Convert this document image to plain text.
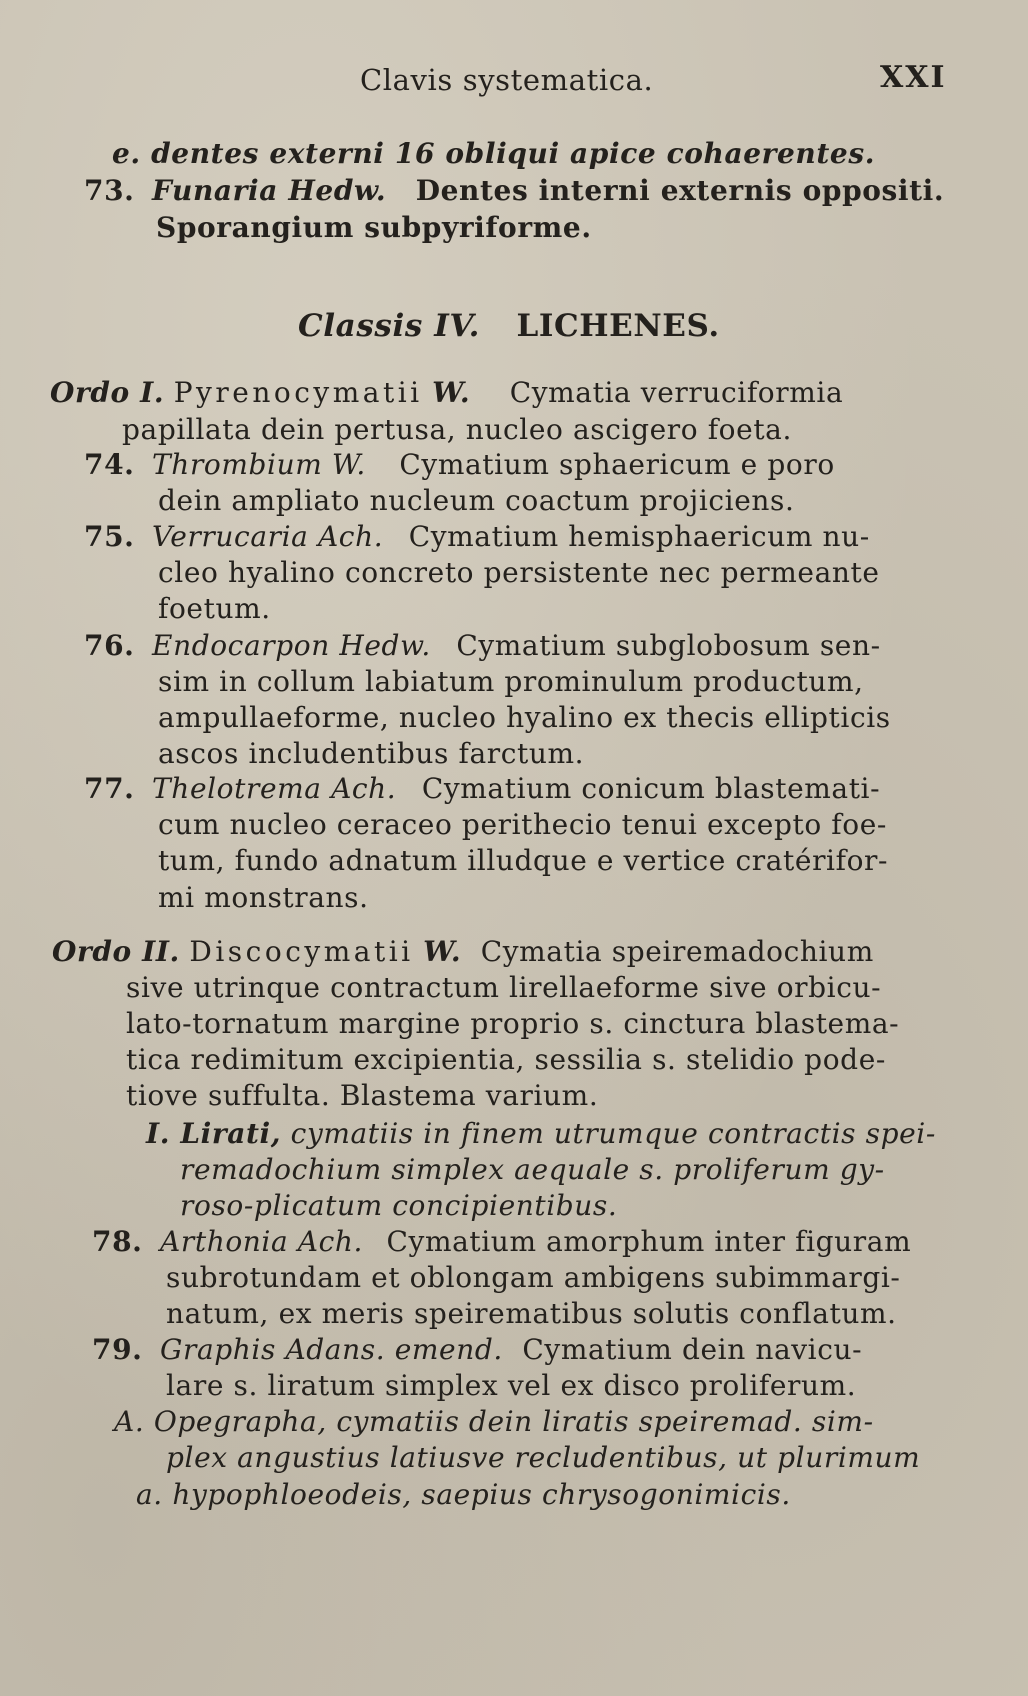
Clavis systematica.	XXI
e. dentes externi 16 obliqui apice cohaerentes.
73. Funaria Hedw. Dentes interni externis oppositi.
Sporangium subpyriforme.
Classis IV. LICHENES.
Ordo I. Pyrenocymatii W. Cymatia verruciformia
papillata dein pertusa, nucleo ascigero foeta.
74. Thrombium W. Cymatium sphaericum e poro
dein ampliato nucleum coactum projiciens.
75. Verrucaria Ach. Cymatium hemisphaericum nu-
cleo hyalino concreto persistente nec permeante
foetum.
76. Endocarpon Hedw. Cymatium subglobosum sen-
sim in collum labiatum prominulum productum,
ampullaeforme, nucleo hyalino ex thecis ellipticis
ascos includentibus farctum.
77. Thelotrema Ach. Cymatium conicum blastemati-
cum nucleo ceraceo perithecio tenui excepto foe-
tum, fundo adnatum illudque e vertice cratérifor-
mi monstrans.
Ordo II. Discocymatii W. Cymatia speiremadochium
sive utrinque contractum lirellaeforme sive orbicu-
lato-tornatum margine proprio s. cinctura blastema-
tica redimitum excipientia, sessilia s. stelidio pode-
tiove suffulta. Blastema varium.
I. Lirati, cymatiis in finem utrumque contractis spei-
remadochium simplex aequale s. proliferum gy-
roso-plicatum concipientibus.
78. Arthonia Ach. Cymatium amorphum inter figuram
subrotundam et oblongam ambigens subimmargi-
natum, ex meris speirematibus solutis conflatum.
79. Graphis Adans. emend. Cymatium dein navicu-
lare s. liratum simplex vel ex disco proliferum.
A. Opegrapha, cymatiis dein liratis speiremad. sim-
plex angustius latiusve recludentibus, ut plurimum
a. hypophloeodeis, saepius chrysogonimicis.
